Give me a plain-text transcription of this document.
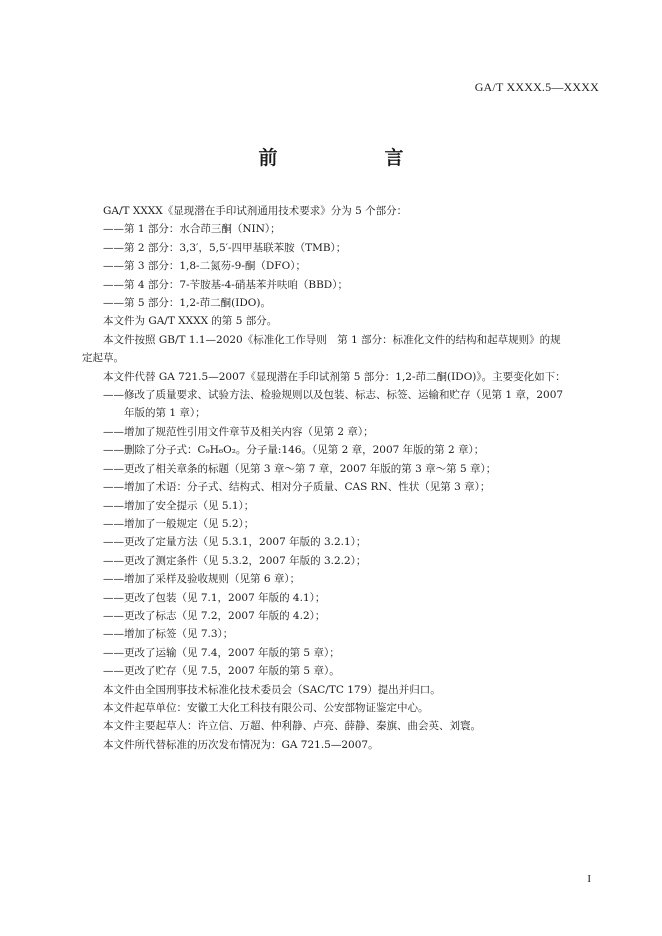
GA/T XXXX.5—XXXX
前　言

GA/T XXXX《显现潜在手印试剂通用技术要求》分为 5 个部分：

——第 1 部分：水合茚三酮（NIN）；

——第 2 部分：3,3′，5,5′-四甲基联苯胺（TMB）；

——第 3 部分：1,8-二氮芴-9-酮（DFO）；

——第 4 部分：7-苄胺基-4-硝基苯并呋咱（BBD）；

——第 5 部分：1,2-茚二酮(IDO)。

本文件为 GA/T XXXX 的第 5 部分。

本文件按照 GB/T 1.1—2020《标准化工作导则　第 1 部分：标准化文件的结构和起草规则》的规

定起草。

本文件代替 GA 721.5—2007《显现潜在手印试剂第 5 部分：1,2-茚二酮(IDO)》。主要变化如下：

——修改了质量要求、试验方法、检验规则以及包装、标志、标签、运输和贮存（见第 1 章，2007

年版的第 1 章）；

——增加了规范性引用文件章节及相关内容（见第 2 章）；

——删除了分子式：C₉H₆O₂。分子量:146。（见第 2 章，2007 年版的第 2 章）；

——更改了相关章条的标题（见第 3 章～第 7 章，2007 年版的第 3 章～第 5 章）；

——增加了术语：分子式、结构式、相对分子质量、CAS RN、性状（见第 3 章）；

——增加了安全提示（见 5.1）；

——增加了一般规定（见 5.2）；

——更改了定量方法（见 5.3.1，2007 年版的 3.2.1）；

——更改了测定条件（见 5.3.2，2007 年版的 3.2.2）；

——增加了采样及验收规则（见第 6 章）；

——更改了包装（见 7.1，2007 年版的 4.1）；

——更改了标志（见 7.2，2007 年版的 4.2）；

——增加了标签（见 7.3）；

——更改了运输（见 7.4，2007 年版的第 5 章）；

——更改了贮存（见 7.5，2007 年版的第 5 章）。

本文件由全国刑事技术标准化技术委员会（SAC/TC 179）提出并归口。

本文件起草单位：安徽工大化工科技有限公司、公安部物证鉴定中心。

本文件主要起草人：许立信、万超、仲利静、卢亮、薛静、秦旗、曲会英、刘寰。

本文件所代替标准的历次发布情况为：GA 721.5—2007。

I
